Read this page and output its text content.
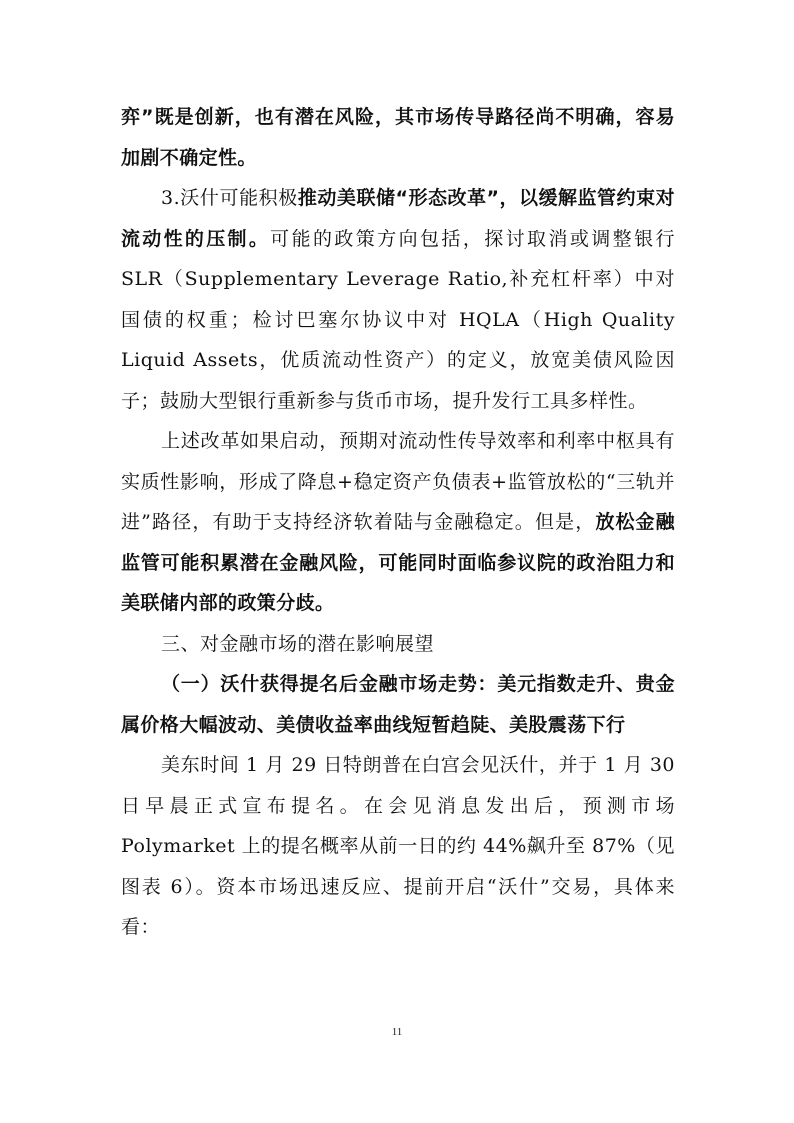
弈”既是创新，也有潜在风险，其市场传导路径尚不明确，容易加剧不确定性。

3.沃什可能积极推动美联储“形态改革”，以缓解监管约束对流动性的压制。可能的政策方向包括，探讨取消或调整银行 SLR（Supplementary Leverage Ratio,补充杠杆率）中对国债的权重；检讨巴塞尔协议中对 HQLA（High Quality Liquid Assets，优质流动性资产）的定义，放宽美债风险因子；鼓励大型银行重新参与货币市场，提升发行工具多样性。

上述改革如果启动，预期对流动性传导效率和利率中枢具有实质性影响，形成了降息+稳定资产负债表+监管放松的“三轨并进”路径，有助于支持经济软着陆与金融稳定。但是，放松金融监管可能积累潜在金融风险，可能同时面临参议院的政治阻力和美联储内部的政策分歧。

三、对金融市场的潜在影响展望

（一）沃什获得提名后金融市场走势：美元指数走升、贵金属价格大幅波动、美债收益率曲线短暂趋陡、美股震荡下行

美东时间 1 月 29 日特朗普在白宫会见沃什，并于 1 月 30 日早晨正式宣布提名。在会见消息发出后，预测市场 Polymarket 上的提名概率从前一日的约 44%飙升至 87%（见图表 6）。资本市场迅速反应、提前开启“沃什”交易，具体来看：

11
